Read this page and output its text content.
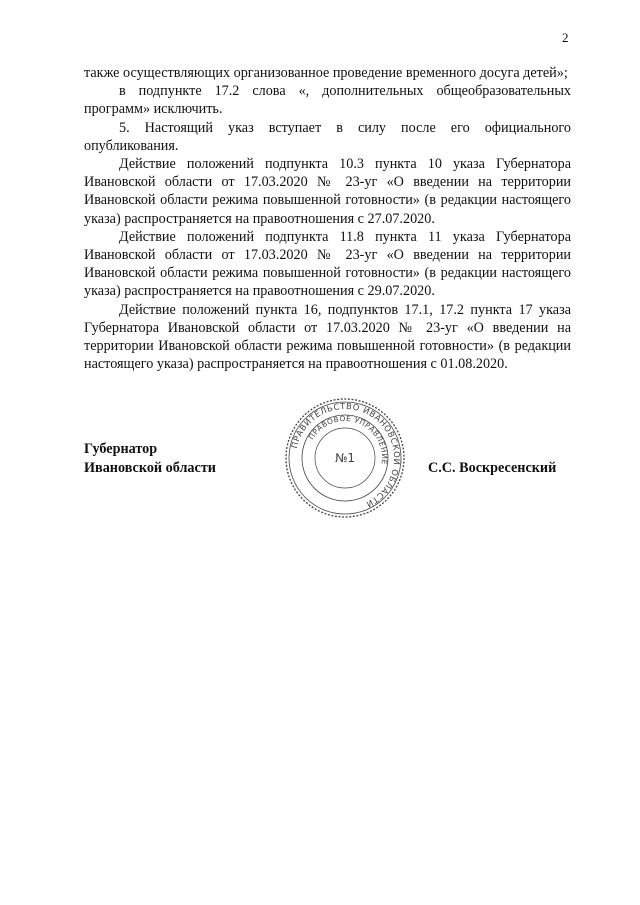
2

также осуществляющих организованное проведение временного досуга детей»;

в подпункте 17.2 слова «, дополнительных общеобразовательных программ» исключить.

5. Настоящий указ вступает в силу после его официального опубликования.

Действие положений подпункта 10.3 пункта 10 указа Губернатора Ивановской области от 17.03.2020 № 23-уг «О введении на территории Ивановской области режима повышенной готовности» (в редакции настоящего указа) распространяется на правоотношения с 27.07.2020.

Действие положений подпункта 11.8 пункта 11 указа Губернатора Ивановской области от 17.03.2020 № 23-уг «О введении на территории Ивановской области режима повышенной готовности» (в редакции настоящего указа) распространяется на правоотношения с 29.07.2020.

Действие положений пункта 16, подпунктов 17.1, 17.2 пункта 17 указа Губернатора Ивановской области от 17.03.2020 № 23-уг «О введении на территории Ивановской области режима повышенной готовности» (в редакции настоящего указа) распространяется на правоотношения с 01.08.2020.

Губернатор
Ивановской области	С.С. Воскресенский
ПРАВИТЕЛЬСТВО ИВАНОВСКОЙ ОБЛАСТИ
ПРАВОВОЕ УПРАВЛЕНИЕ
№1
